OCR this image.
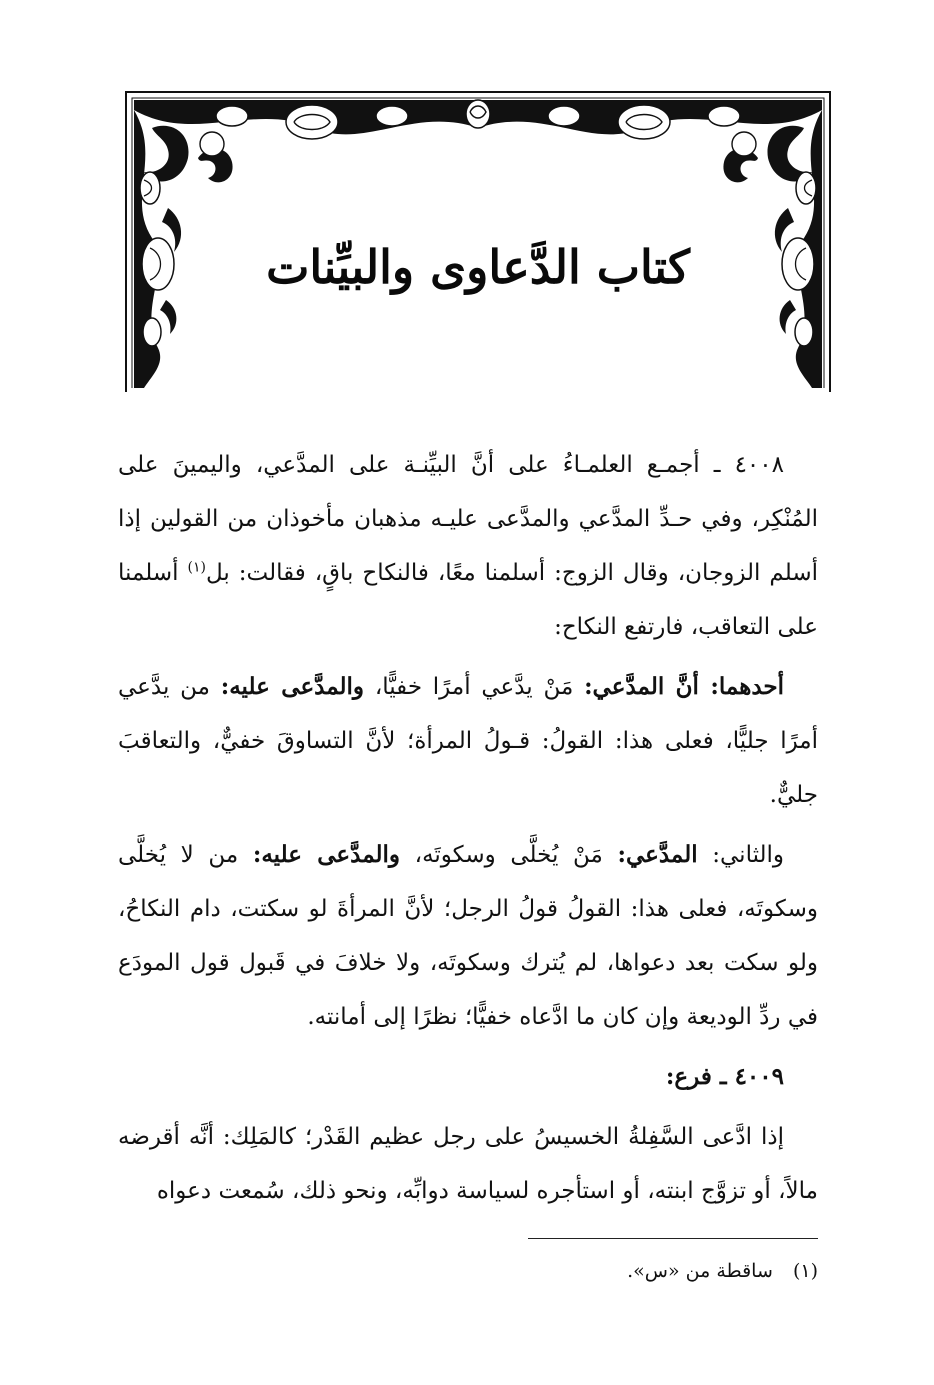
كتاب الدَّعاوى والبيِّنات

٤٠٠٨ ـ أجمـع العلمـاءُ على أنَّ البيِّنـة على المدَّعي، واليمينَ على المُنْكِر، وفي حـدِّ المدَّعي والمدَّعى عليـه مذهبان مأخوذان من القولين إذا أسلم الزوجان، وقال الزوج: أسلمنا معًا، فالنكاح باقٍ، فقالت: بل$^{(١)}$ أسلمنا على التعاقب، فارتفع النكاح:

أحدهما: أنَّ المدَّعي: مَنْ يدَّعي أمرًا خفيًّا، والمدَّعى عليه: من يدَّعي أمرًا جليًّا، فعلى هذا: القولُ: قـولُ المرأة؛ لأنَّ التساوقَ خفيٌّ، والتعاقبَ جليٌّ.

والثاني: المدَّعي: مَنْ يُخلَّى وسكوتَه، والمدَّعى عليه: من لا يُخلَّى وسكوتَه، فعلى هذا: القولُ قولُ الرجل؛ لأنَّ المرأةَ لو سكتت، دام النكاحُ، ولو سكت بعد دعواها، لم يُترك وسكوتَه، ولا خلافَ في قَبول قول المودَع في ردِّ الوديعة وإن كان ما ادَّعاه خفيًّا؛ نظرًا إلى أمانته.

٤٠٠٩ ـ فرع:

إذا ادَّعى السَّفِلةُ الخسيسُ على رجل عظيم القَدْر؛ كالمَلِك: أنَّه أقرضه مالاً، أو تزوَّج ابنته، أو استأجره لسياسة دوابِّه، ونحو ذلك، سُمعت دعواه

(١) ساقطة من «س».
